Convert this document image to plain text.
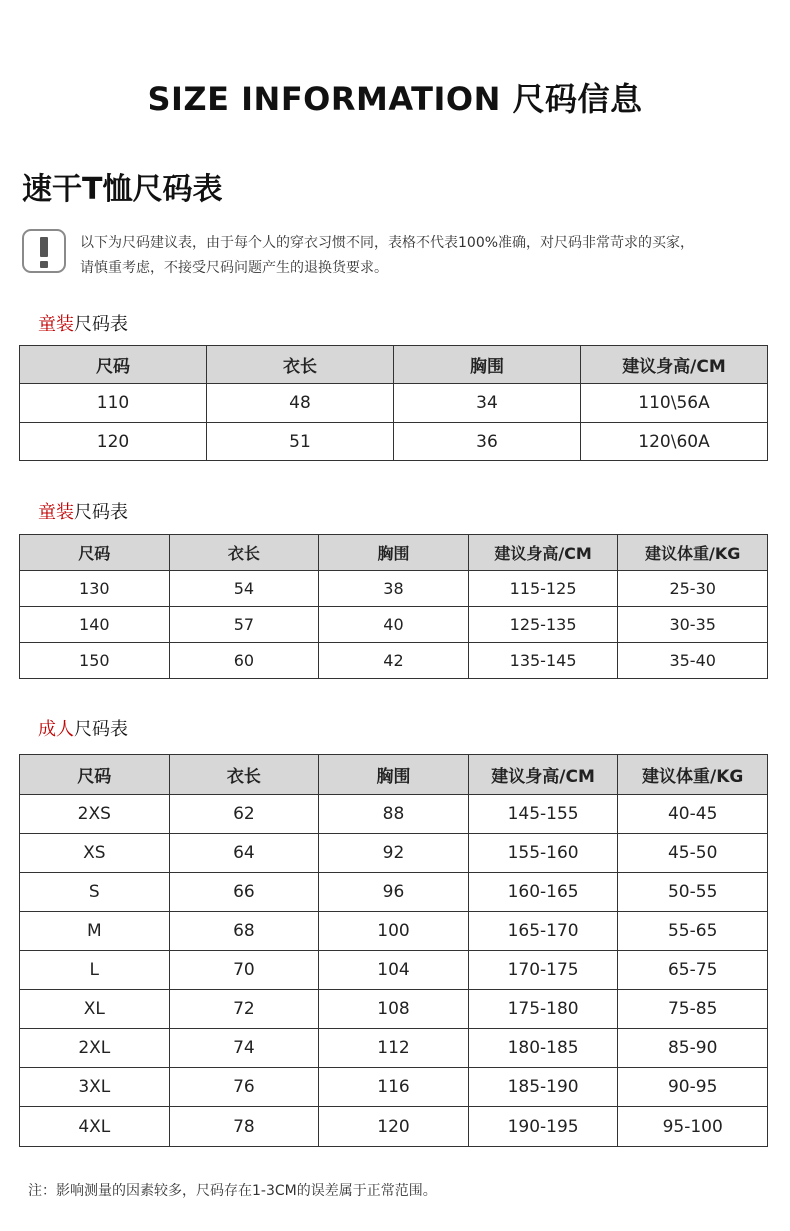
SIZE INFORMATION 尺码信息
速干T恤尺码表
以下为尺码建议表，由于每个人的穿衣习惯不同，表格不代表100%准确，对尺码非常苛求的买家，
请慎重考虑，不接受尺码问题产生的退换货要求。
童装尺码表
尺码	衣长	胸围	建议身高/CM
110	48	34	110\56A
120	51	36	120\60A
童装尺码表
尺码	衣长	胸围	建议身高/CM	建议体重/KG
130	54	38	115-125	25-30
140	57	40	125-135	30-35
150	60	42	135-145	35-40
成人尺码表
尺码	衣长	胸围	建议身高/CM	建议体重/KG
2XS	62	88	145-155	40-45
XS	64	92	155-160	45-50
S	66	96	160-165	50-55
M	68	100	165-170	55-65
L	70	104	170-175	65-75
XL	72	108	175-180	75-85
2XL	74	112	180-185	85-90
3XL	76	116	185-190	90-95
4XL	78	120	190-195	95-100
注：影响测量的因素较多，尺码存在1-3CM的误差属于正常范围。
